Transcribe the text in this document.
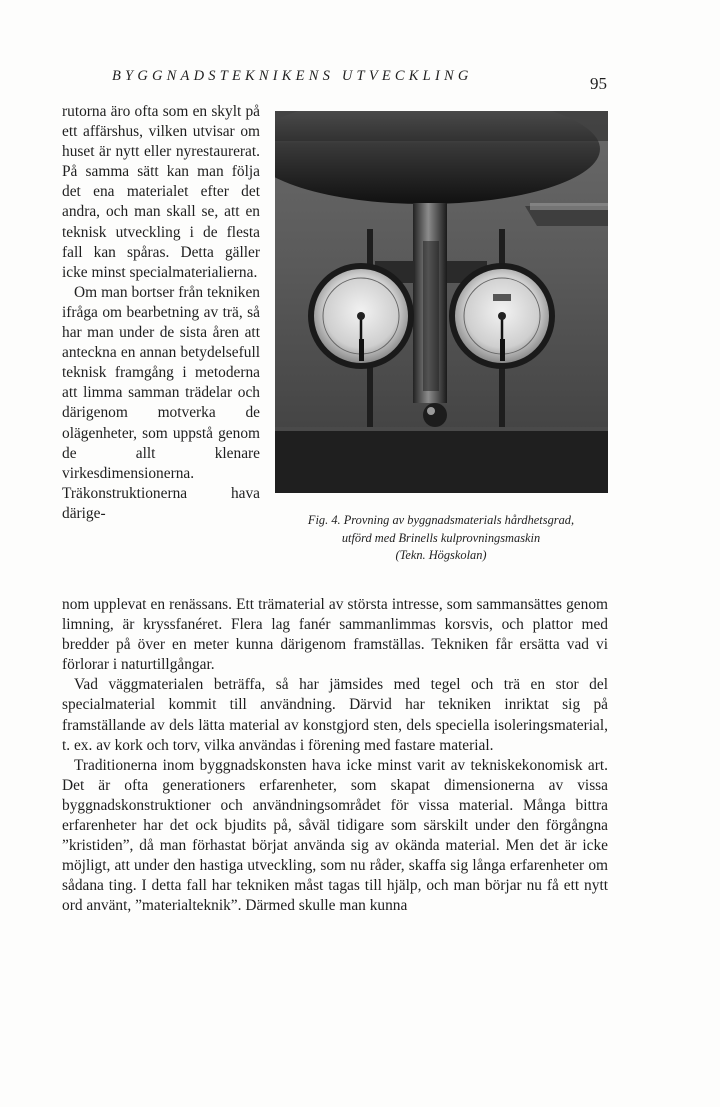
BYGGNADSTEKNIKENS UTVECKLING	95

rutorna äro ofta som en skylt på ett affärshus, vilken utvisar om huset är nytt eller nyrestaurerat. På samma sätt kan man följa det ena materialet efter det andra, och man skall se, att en teknisk utveckling i de flesta fall kan spåras. Detta gäller icke minst specialmaterialierna.

Om man bortser från tekniken ifråga om bearbetning av trä, så har man under de sista åren att anteckna en annan betydelsefull teknisk framgång i metoderna att limma samman trädelar och därigenom motverka de olägenheter, som uppstå genom de allt klenare virkesdimensionerna. Träkonstruktionerna hava därige-	Fig. 4. Provning av byggnadsmaterials hårdhetsgrad,
utförd med Brinells kulprovningsmaskin
(Tekn. Högskolan)

nom upplevat en renässans. Ett trämaterial av största intresse, som sammansättes genom limning, är kryssfanéret. Flera lag fanér sammanlimmas korsvis, och plattor med bredder på över en meter kunna därigenom framställas. Tekniken får ersätta vad vi förlorar i naturtillgångar.

Vad väggmaterialen beträffa, så har jämsides med tegel och trä en stor del specialmaterial kommit till användning. Därvid har tekniken inriktat sig på framställande av dels lätta material av konstgjord sten, dels speciella isoleringsmaterial, t. ex. av kork och torv, vilka användas i förening med fastare material.

Traditionerna inom byggnadskonsten hava icke minst varit av tekniskekonomisk art. Det är ofta generationers erfarenheter, som skapat dimensionerna av vissa byggnadskonstruktioner och användningsområdet för vissa material. Många bittra erfarenheter har det ock bjudits på, såväl tidigare som särskilt under den förgångna ”kristiden”, då man förhastat börjat använda sig av okända material. Men det är icke möjligt, att under den hastiga utveckling, som nu råder, skaffa sig långa erfarenheter om sådana ting. I detta fall har tekniken måst tagas till hjälp, och man börjar nu få ett nytt ord använt, ”materialteknik”. Därmed skulle man kunna
